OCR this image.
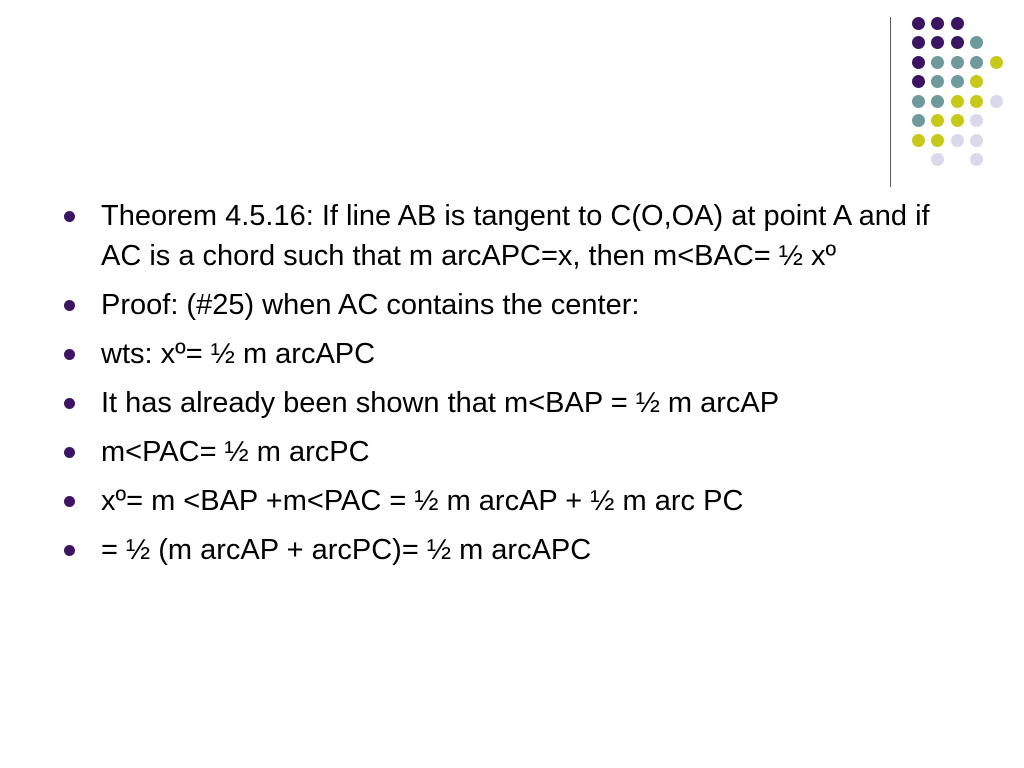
Theorem 4.5.16: If line AB is tangent to C(O,OA) at point A and if AC is a chord such that m arcAPC=x, then m<BAC= ½ xº
Proof: (#25) when AC contains the center:
wts: xº= ½ m arcAPC
It has already been shown that m<BAP = ½ m arcAP
m<PAC= ½ m arcPC
xº= m <BAP +m<PAC = ½ m arcAP + ½ m arc PC
= ½ (m arcAP + arcPC)= ½ m arcAPC
